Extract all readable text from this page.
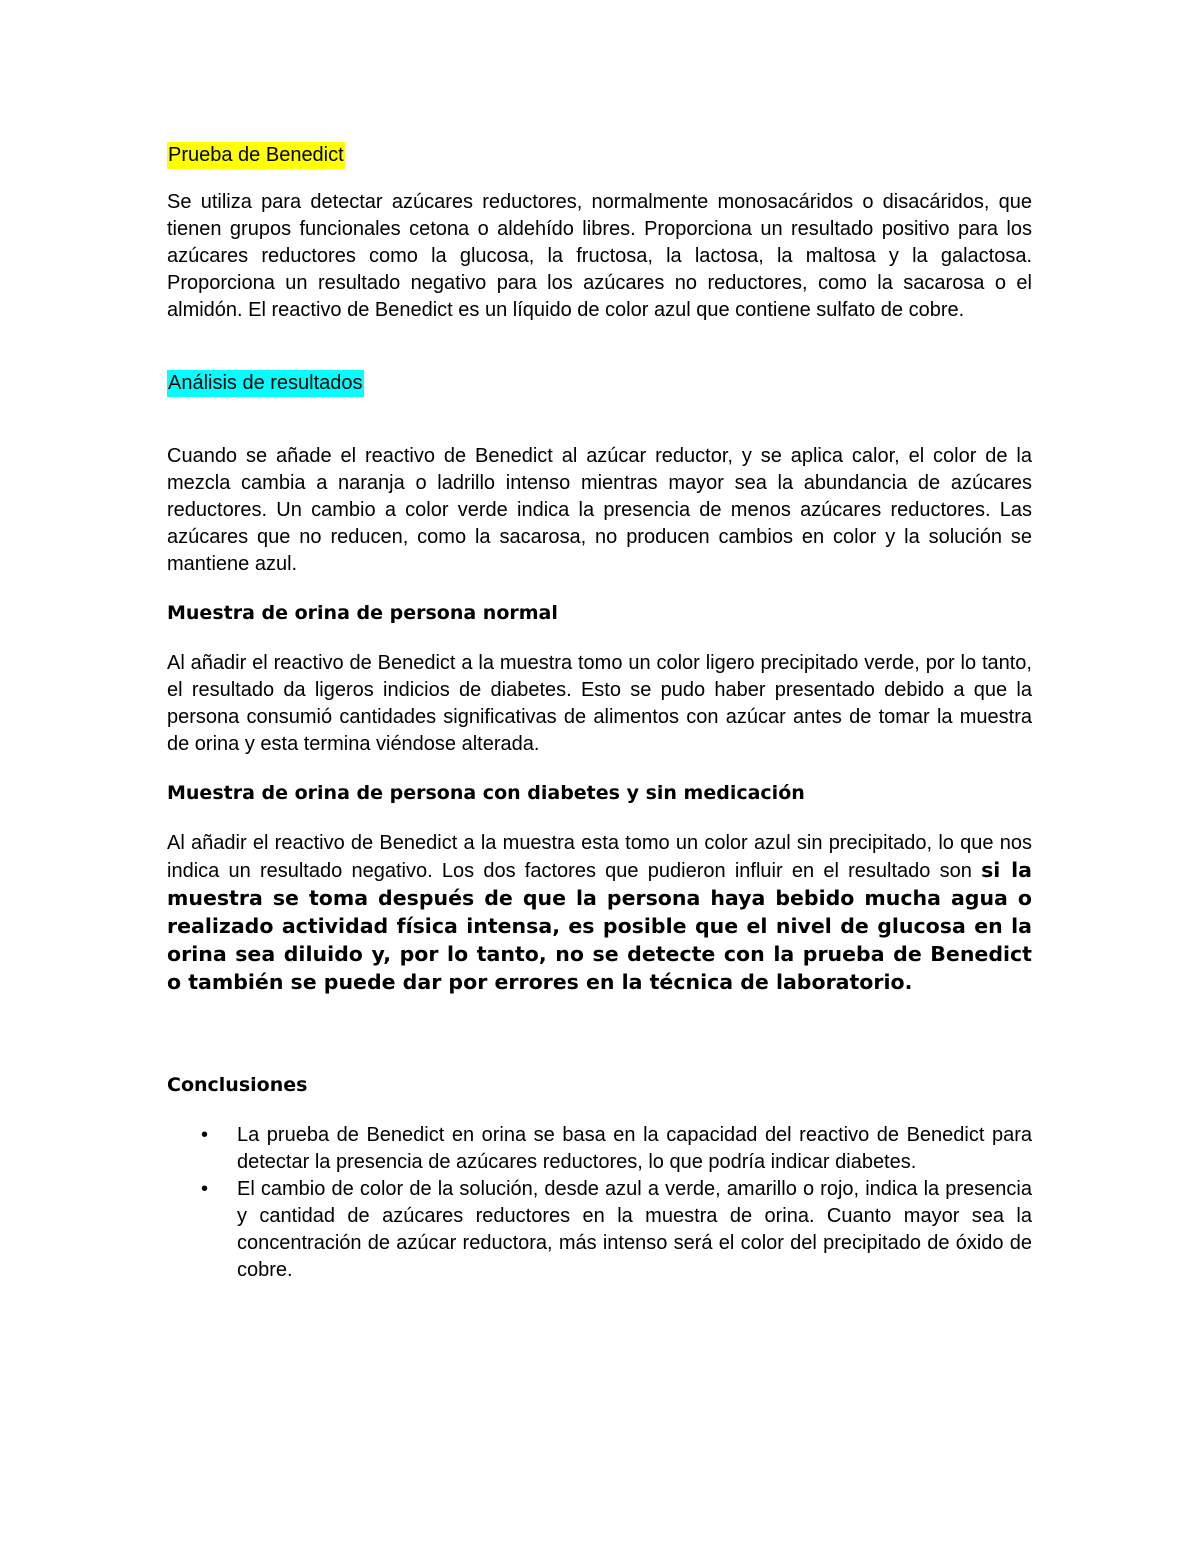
Prueba de Benedict

Se utiliza para detectar azúcares reductores, normalmente monosacáridos o disacáridos, que tienen grupos funcionales cetona o aldehído libres. Proporciona un resultado positivo para los azúcares reductores como la glucosa, la fructosa, la lactosa, la maltosa y la galactosa. Proporciona un resultado negativo para los azúcares no reductores, como la sacarosa o el almidón. El reactivo de Benedict es un líquido de color azul que contiene sulfato de cobre.

Análisis de resultados

Cuando se añade el reactivo de Benedict al azúcar reductor, y se aplica calor, el color de la mezcla cambia a naranja o ladrillo intenso mientras mayor sea la abundancia de azúcares reductores. Un cambio a color verde indica la presencia de menos azúcares reductores. Las azúcares que no reducen, como la sacarosa, no producen cambios en color y la solución se mantiene azul.

Muestra de orina de persona normal

Al añadir el reactivo de Benedict a la muestra tomo un color ligero precipitado verde, por lo tanto, el resultado da ligeros indicios de diabetes. Esto se pudo haber presentado debido a que la persona consumió cantidades significativas de alimentos con azúcar antes de tomar la muestra de orina y esta termina viéndose alterada.

Muestra de orina de persona con diabetes y sin medicación

Al añadir el reactivo de Benedict a la muestra esta tomo un color azul sin precipitado, lo que nos indica un resultado negativo. Los dos factores que pudieron influir en el resultado son si la muestra se toma después de que la persona haya bebido mucha agua o realizado actividad física intensa, es posible que el nivel de glucosa en la orina sea diluido y, por lo tanto, no se detecte con la prueba de Benedict o también se puede dar por errores en la técnica de laboratorio.

Conclusiones

• La prueba de Benedict en orina se basa en la capacidad del reactivo de Benedict para detectar la presencia de azúcares reductores, lo que podría indicar diabetes.
• El cambio de color de la solución, desde azul a verde, amarillo o rojo, indica la presencia y cantidad de azúcares reductores en la muestra de orina. Cuanto mayor sea la concentración de azúcar reductora, más intenso será el color del precipitado de óxido de cobre.
